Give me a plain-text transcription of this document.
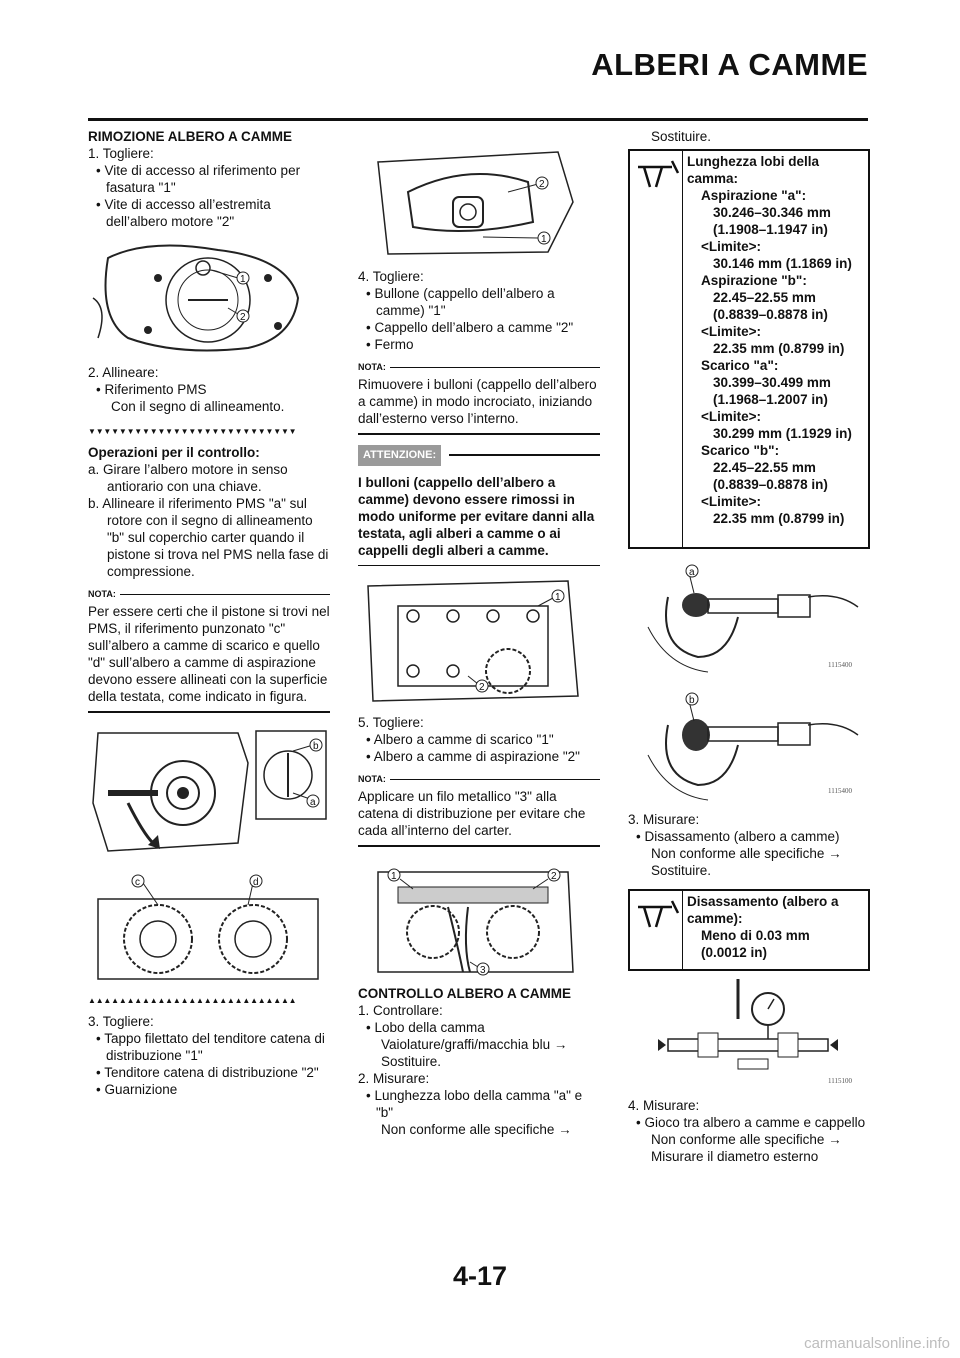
ALBERI A CAMME

RIMOZIONE ALBERO A CAMME

1. Togliere:

• Vite di accesso al riferimento per fasatura "1"

• Vite di accesso all’estremita dell’albero motore "2"

1
2

2. Allineare:

• Riferimento PMS

Con il segno di allineamento.

▼▼▼▼▼▼▼▼▼▼▼▼▼▼▼▼▼▼▼▼▼▼▼▼▼▼▼

Operazioni per il controllo:

a. Girare l’albero motore in senso antiorario con una chiave.

b. Allineare il riferimento PMS "a" sul rotore con il segno di allineamento "b" sul coperchio carter quando il pistone si trova nel PMS nella fase di compressione.

NOTA:

Per essere certi che il pistone si trovi nel PMS, il riferimento punzonato "c" sull’albero a camme di scarico e quello "d" sull’albero a camme di aspirazione devono essere allineati con la superficie della testata, come indicato in figura.

b
a
c	d
▲▲▲▲▲▲▲▲▲▲▲▲▲▲▲▲▲▲▲▲▲▲▲▲▲▲▲

3. Togliere:

• Tappo filettato del tenditore catena di distribuzione "1"

• Tenditore catena di distribuzione "2"

• Guarnizione

2
1

4. Togliere:

• Bullone (cappello dell’albero a camme) "1"

• Cappello dell’albero a camme "2"

• Fermo

NOTA:

Rimuovere i bulloni (cappello dell’albero a camme) in modo incrociato, iniziando dall’esterno verso l’interno.

ATTENZIONE:

I bulloni (cappello dell’albero a camme) devono essere rimossi in modo uniforme per evitare danni alla testata, agli alberi a camme o ai cappelli degli alberi a camme.

1
2

5. Togliere:

• Albero a camme di scarico "1"

• Albero a camme di aspirazione "2"

NOTA:

Applicare un filo metallico "3" alla catena di distribuzione per evitare che cada all’interno del carter.

1	2
3

CONTROLLO ALBERO A CAMME

1. Controllare:

• Lobo della camma

Vaiolature/graffi/macchia blu →

Sostituire.

2. Misurare:

• Lunghezza lobo della camma "a" e "b"

Non conforme alle specifiche →

Sostituire.

Lunghezza lobi della camma:
Aspirazione "a":
30.246–30.346 mm
(1.1908–1.1947 in)
<Limite>:
30.146 mm (1.1869 in)
Aspirazione "b":
22.45–22.55 mm
(0.8839–0.8878 in)
<Limite>:
22.35 mm (0.8799 in)
Scarico "a":
30.399–30.499 mm
(1.1968–1.2007 in)
<Limite>:
30.299 mm (1.1929 in)
Scarico "b":
22.45–22.55 mm
(0.8839–0.8878 in)
<Limite>:
22.35 mm (0.8799 in)
1115400
a
1115400
b

3. Misurare:

• Disassamento (albero a camme)

Non conforme alle specifiche →

Sostituire.

Disassamento (albero a camme):
Meno di 0.03 mm
(0.0012 in)
1115100

4. Misurare:

• Gioco tra albero a camme e cappello

Non conforme alle specifiche →

Misurare il diametro esterno

4-17
carmanualsonline.info
